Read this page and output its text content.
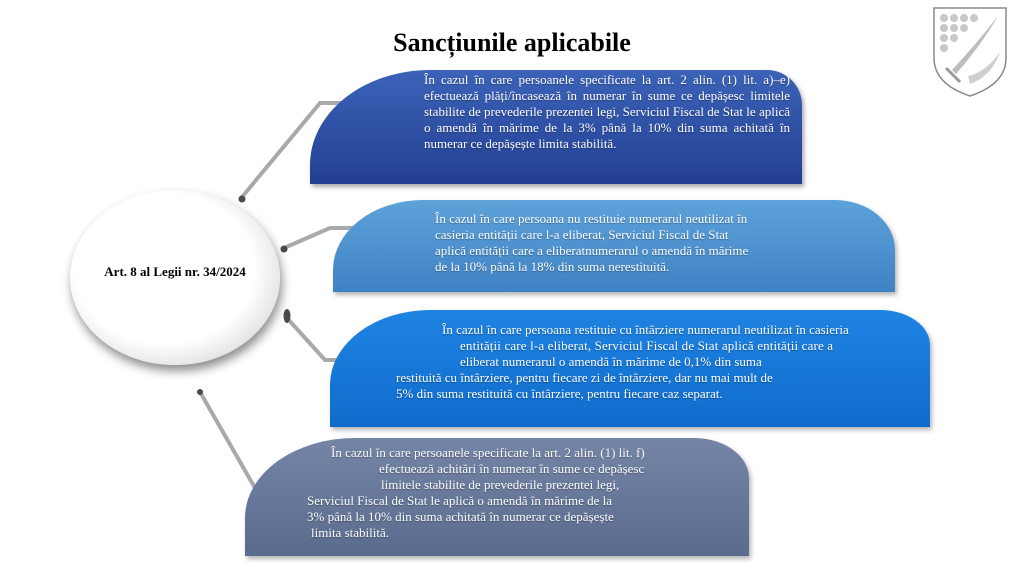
Sancțiunile aplicabile
Art. 8 al Legii nr. 34/2024
În cazul în care persoanele specificate la art. 2 alin. (1) lit. a)–e) efectuează plăți/încasează în numerar în sume ce depășesc limitele stabilite de prevederile prezentei legi, Serviciul Fiscal de Stat le aplică o amendă în mărime de la 3% până la 10% din suma achitată în numerar ce depășește limita stabilită.
În cazul în care persoana nu restituie numerarul neutilizat în
casieria entității care l-a eliberat, Serviciul Fiscal de Stat
aplică entității care a eliberatnumerarul o amendă în mărime
de la 10% până la 18% din suma nerestituită.
În cazul în care persoana restituie cu întârziere numerarul neutilizat în casieria
entității care l-a eliberat, Serviciul Fiscal de Stat aplică entității care a
eliberat numerarul o amendă în mărime de 0,1% din suma
restituită cu întârziere, pentru fiecare zi de întârziere, dar nu mai mult de
5% din suma restituită cu întârziere, pentru fiecare caz separat.
În cazul în care persoanele specificate la art. 2 alin. (1) lit. f)
efectuează achitări în numerar în sume ce depășesc
limitele stabilite de prevederile prezentei legi,
Serviciul Fiscal de Stat le aplică o amendă în mărime de la
3% până la 10% din suma achitată în numerar ce depășește
limita stabilită.
